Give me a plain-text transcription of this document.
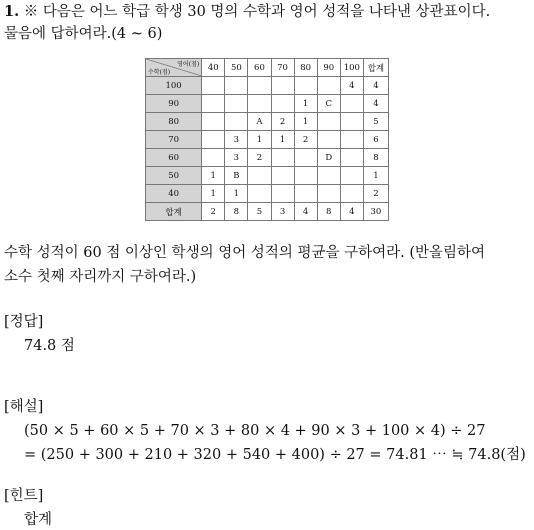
1. ※ 다음은 어느 학급 학생 30 명의 수학과 영어 성적을 나타낸 상관표이다.
물음에 답하여라.(4 ~ 6)
영어(점)
수학(점)	40	50	60	70	80	90	100	합계
100							4	4
90					1	C		4
80			A	2	1			5
70		3	1	1	2			6
60		3	2			D		8
50	1	B						1
40	1	1						2
합계	2	8	5	3	4	8	4	30
수학 성적이 60 점 이상인 학생의 영어 성적의 평균을 구하여라. (반올림하여
소수 첫째 자리까지 구하여라.)
[정답]
74.8 점
[해설]
(50 × 5 + 60 × 5 + 70 × 3 + 80 × 4 + 90 × 3 + 100 × 4) ÷ 27
= (250 + 300 + 210 + 320 + 540 + 400) ÷ 27 = 74.81 ⋯ ≒ 74.8(점)
[힌트]
합계
